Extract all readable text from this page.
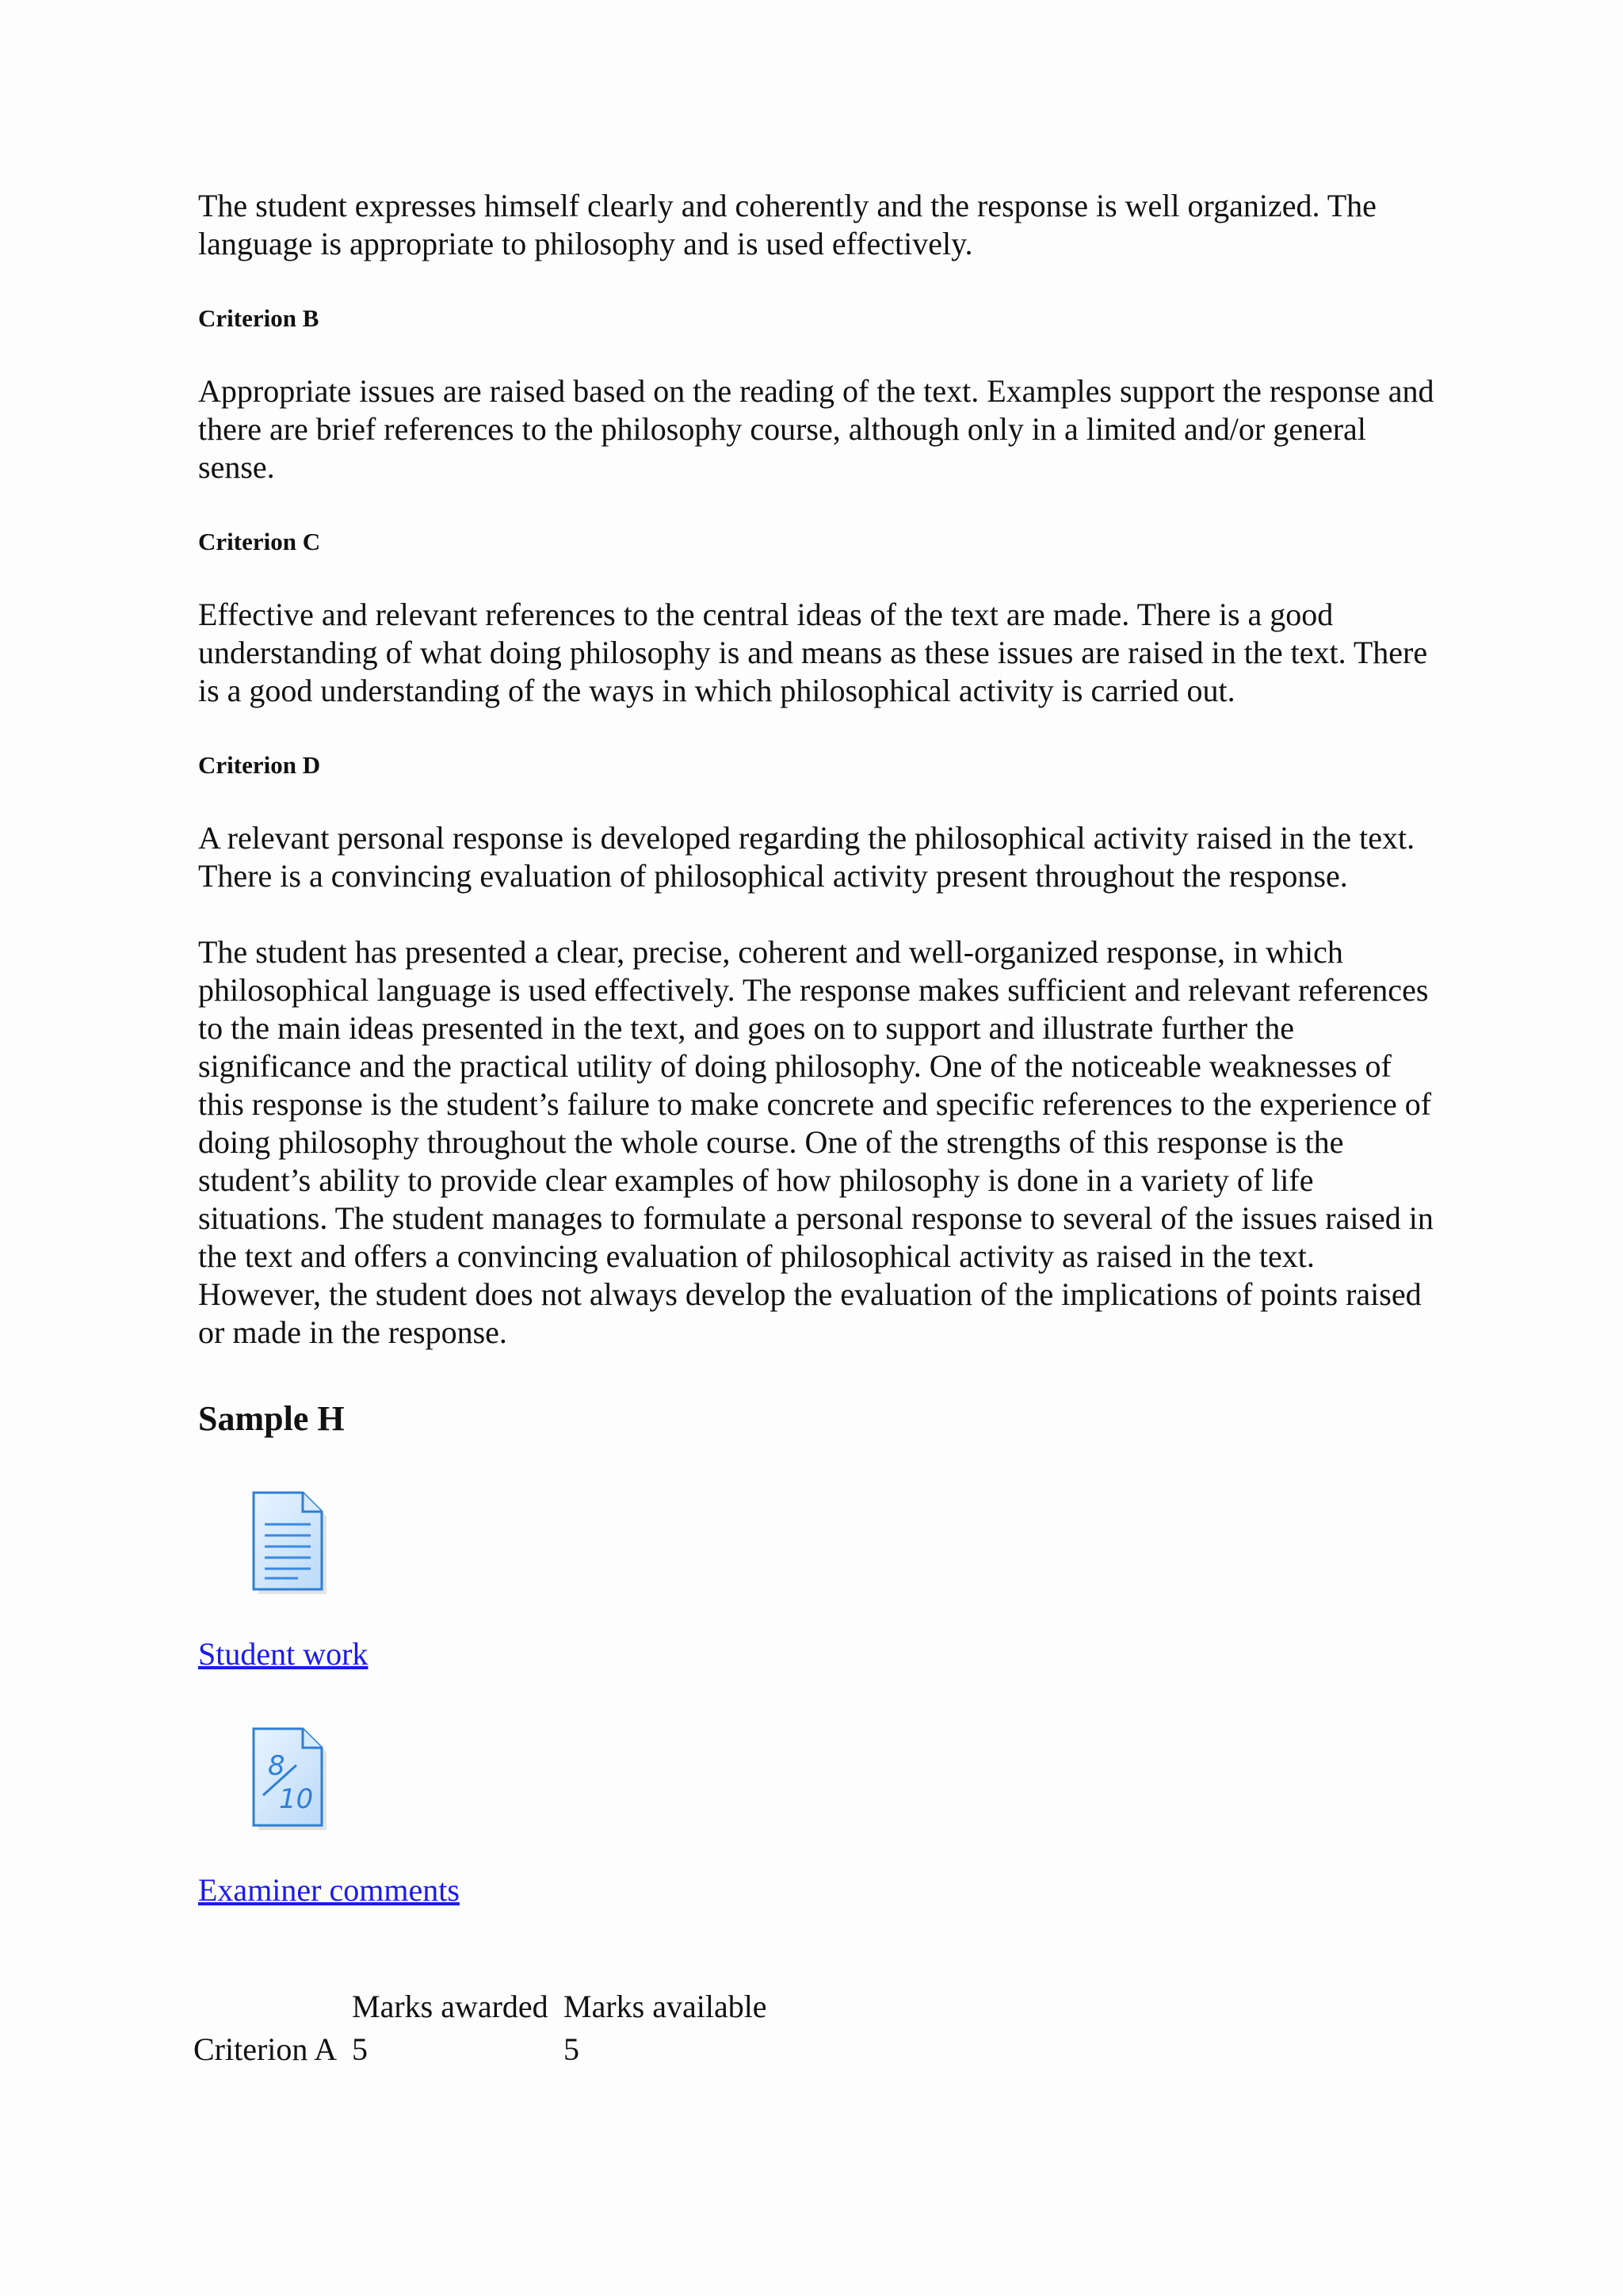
The student expresses himself clearly and coherently and the response is well organized. The language is appropriate to philosophy and is used effectively.

Criterion B

Appropriate issues are raised based on the reading of the text. Examples support the response and there are brief references to the philosophy course, although only in a limited and/or general sense.

Criterion C

Effective and relevant references to the central ideas of the text are made. There is a good understanding of what doing philosophy is and means as these issues are raised in the text. There is a good understanding of the ways in which philosophical activity is carried out.

Criterion D

A relevant personal response is developed regarding the philosophical activity raised in the text. There is a convincing evaluation of philosophical activity present throughout the response.

The student has presented a clear, precise, coherent and well-organized response, in which philosophical language is used effectively. The response makes sufficient and relevant references to the main ideas presented in the text, and goes on to support and illustrate further the significance and the practical utility of doing philosophy. One of the noticeable weaknesses of this response is the student’s failure to make concrete and specific references to the experience of doing philosophy throughout the whole course. One of the strengths of this response is the student’s ability to provide clear examples of how philosophy is done in a variety of life situations. The student manages to formulate a personal response to several of the issues raised in the text and offers a convincing evaluation of philosophical activity as raised in the text. However, the student does not always develop the evaluation of the implications of points raised or made in the response.

Sample H
Student work
8
10
Examiner comments
Marks awarded Marks available
Criterion A 5	5
